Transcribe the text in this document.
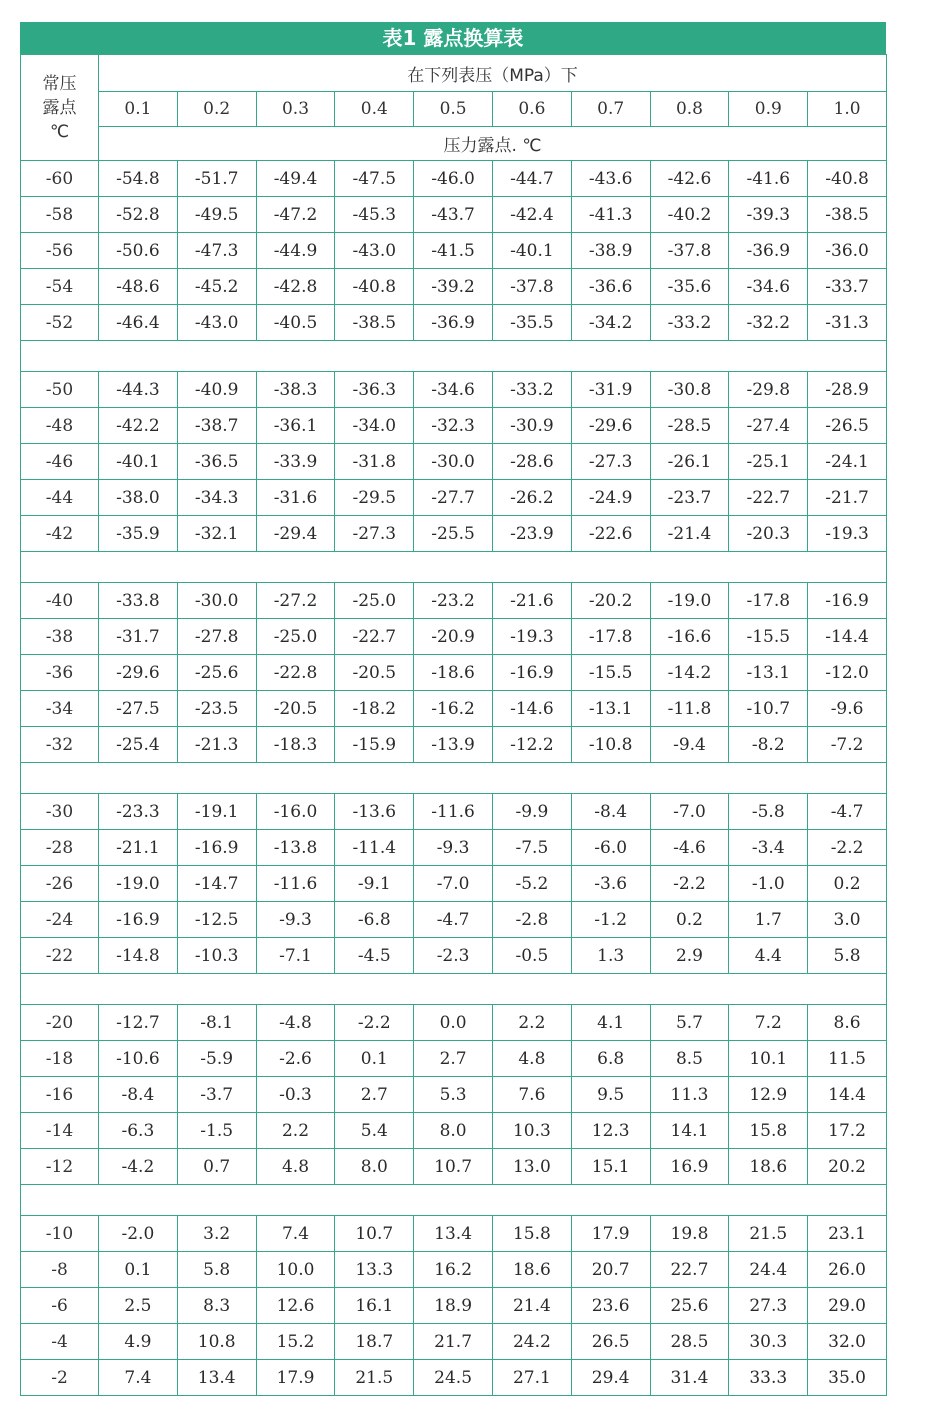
表1 露点换算表
常压
露点
℃	在下列表压（MPa）下									
	0.1	0.2	0.3	0.4	0.5	0.6	0.7	0.8	0.9	1.0
	压力露点. ℃									
-60	-54.8	-51.7	-49.4	-47.5	-46.0	-44.7	-43.6	-42.6	-41.6	-40.8
-58	-52.8	-49.5	-47.2	-45.3	-43.7	-42.4	-41.3	-40.2	-39.3	-38.5
-56	-50.6	-47.3	-44.9	-43.0	-41.5	-40.1	-38.9	-37.8	-36.9	-36.0
-54	-48.6	-45.2	-42.8	-40.8	-39.2	-37.8	-36.6	-35.6	-34.6	-33.7
-52	-46.4	-43.0	-40.5	-38.5	-36.9	-35.5	-34.2	-33.2	-32.2	-31.3

-50	-44.3	-40.9	-38.3	-36.3	-34.6	-33.2	-31.9	-30.8	-29.8	-28.9
-48	-42.2	-38.7	-36.1	-34.0	-32.3	-30.9	-29.6	-28.5	-27.4	-26.5
-46	-40.1	-36.5	-33.9	-31.8	-30.0	-28.6	-27.3	-26.1	-25.1	-24.1
-44	-38.0	-34.3	-31.6	-29.5	-27.7	-26.2	-24.9	-23.7	-22.7	-21.7
-42	-35.9	-32.1	-29.4	-27.3	-25.5	-23.9	-22.6	-21.4	-20.3	-19.3

-40	-33.8	-30.0	-27.2	-25.0	-23.2	-21.6	-20.2	-19.0	-17.8	-16.9
-38	-31.7	-27.8	-25.0	-22.7	-20.9	-19.3	-17.8	-16.6	-15.5	-14.4
-36	-29.6	-25.6	-22.8	-20.5	-18.6	-16.9	-15.5	-14.2	-13.1	-12.0
-34	-27.5	-23.5	-20.5	-18.2	-16.2	-14.6	-13.1	-11.8	-10.7	-9.6
-32	-25.4	-21.3	-18.3	-15.9	-13.9	-12.2	-10.8	-9.4	-8.2	-7.2

-30	-23.3	-19.1	-16.0	-13.6	-11.6	-9.9	-8.4	-7.0	-5.8	-4.7
-28	-21.1	-16.9	-13.8	-11.4	-9.3	-7.5	-6.0	-4.6	-3.4	-2.2
-26	-19.0	-14.7	-11.6	-9.1	-7.0	-5.2	-3.6	-2.2	-1.0	0.2
-24	-16.9	-12.5	-9.3	-6.8	-4.7	-2.8	-1.2	0.2	1.7	3.0
-22	-14.8	-10.3	-7.1	-4.5	-2.3	-0.5	1.3	2.9	4.4	5.8

-20	-12.7	-8.1	-4.8	-2.2	0.0	2.2	4.1	5.7	7.2	8.6
-18	-10.6	-5.9	-2.6	0.1	2.7	4.8	6.8	8.5	10.1	11.5
-16	-8.4	-3.7	-0.3	2.7	5.3	7.6	9.5	11.3	12.9	14.4
-14	-6.3	-1.5	2.2	5.4	8.0	10.3	12.3	14.1	15.8	17.2
-12	-4.2	0.7	4.8	8.0	10.7	13.0	15.1	16.9	18.6	20.2

-10	-2.0	3.2	7.4	10.7	13.4	15.8	17.9	19.8	21.5	23.1
-8	0.1	5.8	10.0	13.3	16.2	18.6	20.7	22.7	24.4	26.0
-6	2.5	8.3	12.6	16.1	18.9	21.4	23.6	25.6	27.3	29.0
-4	4.9	10.8	15.2	18.7	21.7	24.2	26.5	28.5	30.3	32.0
-2	7.4	13.4	17.9	21.5	24.5	27.1	29.4	31.4	33.3	35.0
